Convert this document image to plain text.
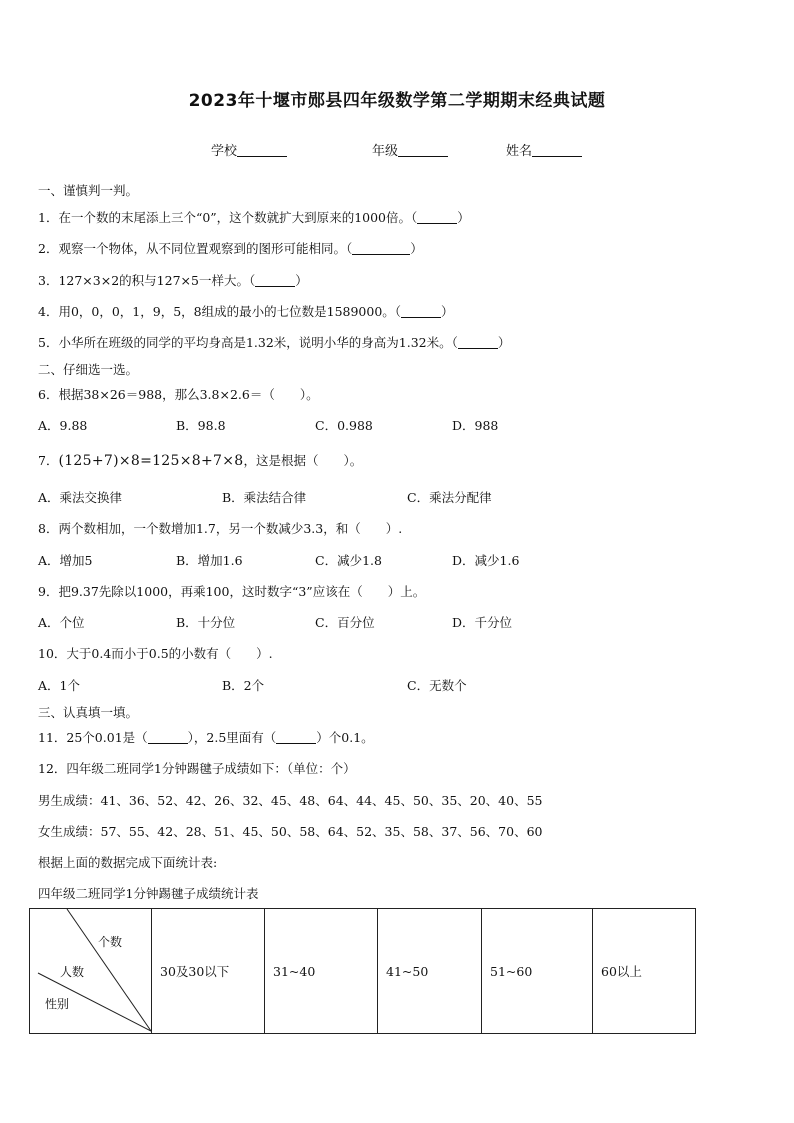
2023年十堰市郧县四年级数学第二学期期末经典试题
学校	年级	姓名
一、谨慎判一判。
1．在一个数的末尾添上三个“0”，这个数就扩大到原来的1000倍。（	）
2．观察一个物体，从不同位置观察到的图形可能相同。（	）
3．127×3×2的积与127×5一样大。（	）
4．用0，0，0，1，9，5，8组成的最小的七位数是1589000。（	）
5．小华所在班级的同学的平均身高是1.32米，说明小华的身高为1.32米。（	）
二、仔细选一选。
6．根据38×26＝988，那么3.8×2.6＝（　　）。
A．9.88	B．98.8	C．0.988	D．988
7．(125+7)×8=125×8+7×8，这是根据（　　）。
A．乘法交换律	B．乘法结合律	C．乘法分配律
8．两个数相加，一个数增加1.7，另一个数减少3.3，和（　　）.
A．增加5	B．增加1.6	C．减少1.8	D．减少1.6
9．把9.37先除以1000，再乘100，这时数字“3”应该在（　　）上。
A．个位	B．十分位	C．百分位	D．千分位
10．大于0.4而小于0.5的小数有（　　）.
A．1个	B．2个	C．无数个
三、认真填一填。
11．25个0.01是（	），2.5里面有（	）个0.1。
12．四年级二班同学1分钟踢毽子成绩如下：（单位：个）
男生成绩：41、36、52、42、26、32、45、48、64、44、45、50、35、20、40、55
女生成绩：57、55、42、28、51、45、50、58、64、52、35、58、37、56、70、60
根据上面的数据完成下面统计表:
四年级二班同学1分钟踢毽子成绩统计表
个数
人数
性别
	30及30以下	31~40	41~50	51~60	60以上
